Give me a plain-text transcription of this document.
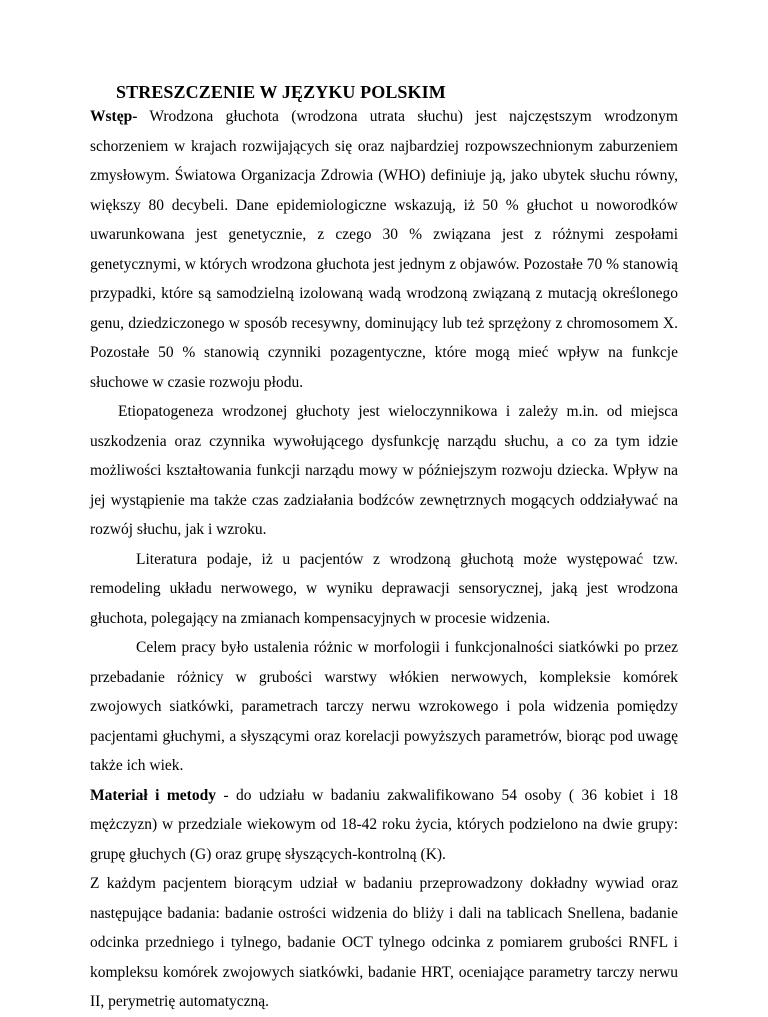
STRESZCZENIE W JĘZYKU POLSKIM

Wstęp- Wrodzona głuchota (wrodzona utrata słuchu) jest najczęstszym wrodzonym schorzeniem w krajach rozwijających się oraz najbardziej rozpowszechnionym zaburzeniem zmysłowym. Światowa Organizacja Zdrowia (WHO) definiuje ją, jako ubytek słuchu równy, większy 80 decybeli. Dane epidemiologiczne wskazują, iż 50 % głuchot u noworodków uwarunkowana jest genetycznie, z czego 30 % związana jest z różnymi zespołami genetycznymi, w których wrodzona głuchota jest jednym z objawów. Pozostałe 70 % stanowią przypadki, które są samodzielną izolowaną wadą wrodzoną związaną z mutacją określonego genu, dziedziczonego w sposób recesywny, dominujący lub też sprzężony z chromosomem X. Pozostałe 50 % stanowią czynniki pozagentyczne, które mogą mieć wpływ na funkcje słuchowe w czasie rozwoju płodu.

Etiopatogeneza wrodzonej głuchoty jest wieloczynnikowa i zależy m.in. od miejsca uszkodzenia oraz czynnika wywołującego dysfunkcję narządu słuchu, a co za tym idzie możliwości kształtowania funkcji narządu mowy w późniejszym rozwoju dziecka. Wpływ na jej wystąpienie ma także czas zadziałania bodźców zewnętrznych mogących oddziaływać na rozwój słuchu, jak i wzroku.

Literatura podaje, iż u pacjentów z wrodzoną głuchotą może występować tzw. remodeling układu nerwowego, w wyniku deprawacji sensorycznej, jaką jest wrodzona głuchota, polegający na zmianach kompensacyjnych w procesie widzenia.

Celem pracy było ustalenia różnic w morfologii i funkcjonalności siatkówki po przez przebadanie różnicy w grubości warstwy włókien nerwowych, kompleksie komórek zwojowych siatkówki, parametrach tarczy nerwu wzrokowego i pola widzenia pomiędzy pacjentami głuchymi, a słyszącymi oraz korelacji powyższych parametrów, biorąc pod uwagę także ich wiek.

Materiał i metody - do udziału w badaniu zakwalifikowano 54 osoby ( 36 kobiet i 18 mężczyzn) w przedziale wiekowym od 18-42 roku życia, których podzielono na dwie grupy: grupę głuchych (G) oraz grupę słyszących-kontrolną (K).

Z każdym pacjentem biorącym udział w badaniu przeprowadzony dokładny wywiad oraz następujące badania: badanie ostrości widzenia do bliży i dali na tablicach Snellena, badanie odcinka przedniego i tylnego, badanie OCT tylnego odcinka z pomiarem grubości RNFL i kompleksu komórek zwojowych siatkówki, badanie HRT, oceniające parametry tarczy nerwu II, perymetrię automatyczną.
